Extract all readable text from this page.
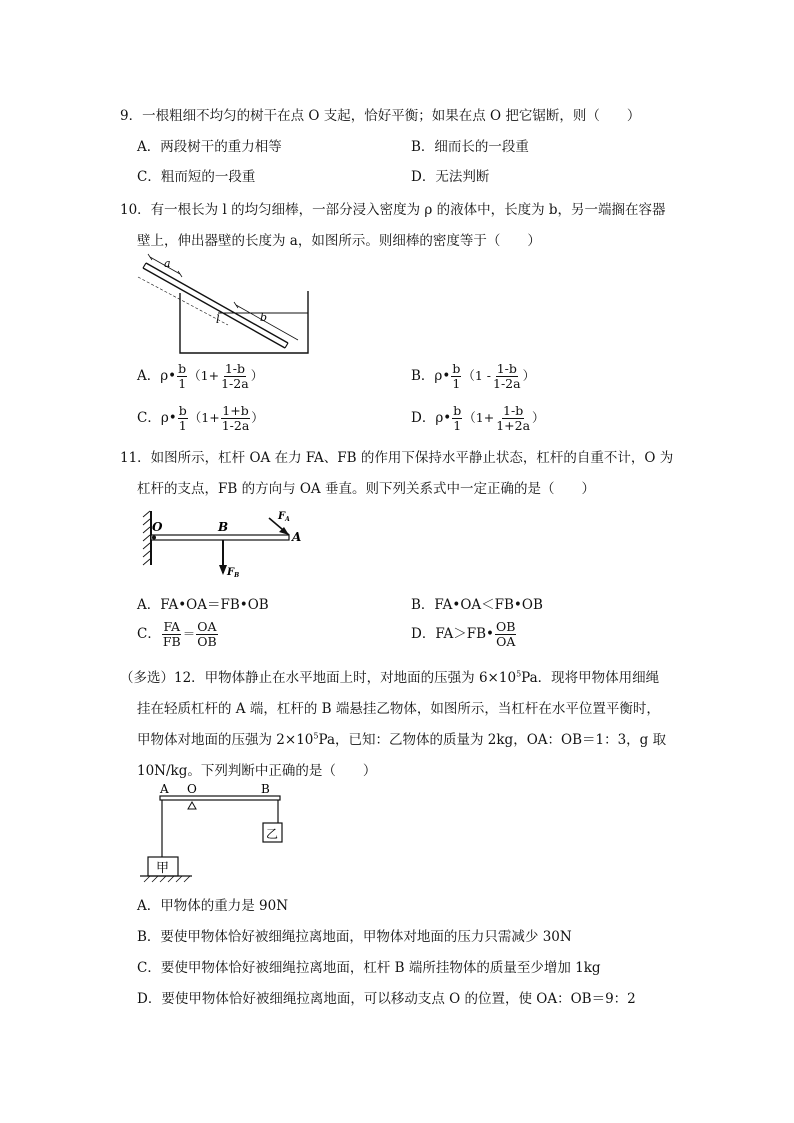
9．一根粗细不均匀的树干在点 O 支起，恰好平衡；如果在点 O 把它锯断，则（　　）
A．两段树干的重力相等	B．细而长的一段重
C．粗而短的一段重	D．无法判断
10．有一根长为 l 的均匀细棒，一部分浸入密度为 ρ 的液体中，长度为 b，另一端搁在容器
壁上，伸出器壁的长度为 a，如图所示。则细棒的密度等于（　　）
a
l	b
A．ρ• $\frac{b}{1} (1+ \frac{1-b}{1-2a}$ ）	B．ρ• $\frac{b}{1} (1 - \frac{1-b}{1-2a}$ ）
C．ρ• $\frac{b}{1} (1+ \frac{1+b}{1-2a}$ ）	D．ρ• $\frac{b}{1} (1+ \frac{1-b}{1+2a}$ ）
11．如图所示，杠杆 OA 在力 FA、FB 的作用下保持水平静止状态，杠杆的自重不计，O 为
杠杆的支点，FB 的方向与 OA 垂直。则下列关系式中一定正确的是（　　）
O	B
A
$F_A$
$F_B$
A．FA•OA＝FB•OB	B．FA•OA＜FB•OB
C． $\frac{FA}{FB} = \frac{OA}{OB}$	D．FA＞FB• $\frac{OB}{OA}$
（多选）12．甲物体静止在水平地面上时，对地面的压强为 $6\times 10^5Pa$．现将甲物体用细绳
挂在轻质杠杆的 A 端，杠杆的 B 端悬挂乙物体，如图所示，当杠杆在水平位置平衡时，
甲物体对地面的压强为 $2\times 10^5Pa$，已知：乙物体的质量为 2kg，OA：OB＝1：3，g 取
10N/kg。下列判断中正确的是（　　）
A O	B
乙
甲
A．甲物体的重力是 90N
B．要使甲物体恰好被细绳拉离地面，甲物体对地面的压力只需减少 30N
C．要使甲物体恰好被细绳拉离地面，杠杆 B 端所挂物体的质量至少增加 1kg
D．要使甲物体恰好被细绳拉离地面，可以移动支点 O 的位置，使 OA：OB＝9：2
